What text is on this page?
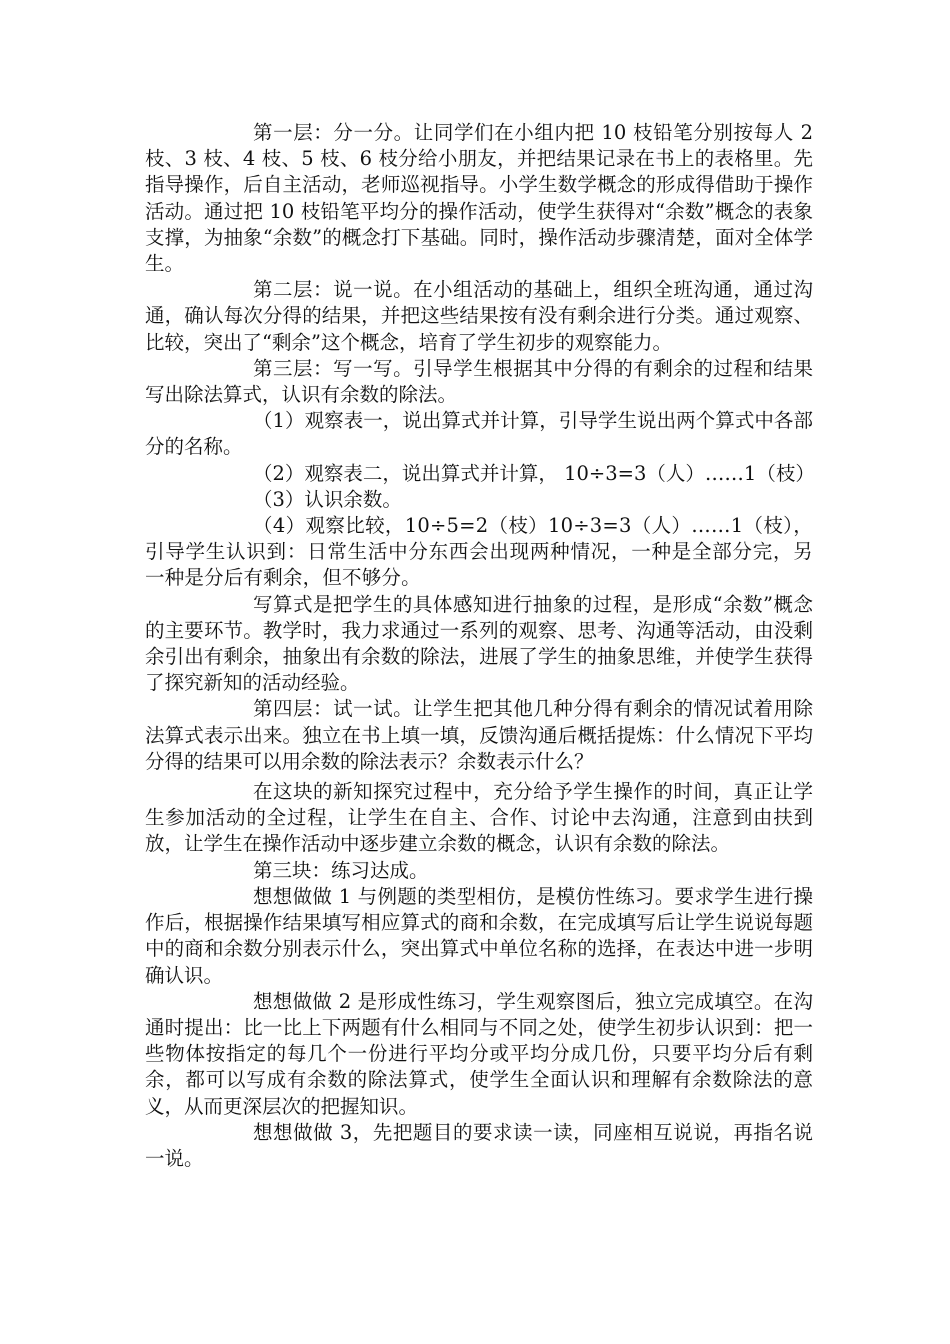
第一层：分一分。让同学们在小组内把 10 枝铅笔分别按每人 2 枝、3 枝、4 枝、5 枝、6 枝分给小朋友，并把结果记录在书上的表格里。先指导操作，后自主活动，老师巡视指导。小学生数学概念的形成得借助于操作活动。通过把 10 枝铅笔平均分的操作活动，使学生获得对“余数”概念的表象支撑，为抽象“余数”的概念打下基础。同时，操作活动步骤清楚，面对全体学生。

第二层：说一说。在小组活动的基础上，组织全班沟通，通过沟通，确认每次分得的结果，并把这些结果按有没有剩余进行分类。通过观察、比较，突出了“剩余”这个概念，培育了学生初步的观察能力。

第三层：写一写。引导学生根据其中分得的有剩余的过程和结果写出除法算式，认识有余数的除法。

（1）观察表一，说出算式并计算，引导学生说出两个算式中各部分的名称。

（2）观察表二，说出算式并计算， 10÷3=3（人）……1（枝）

（3）认识余数。

（4）观察比较，10÷5=2（枝）10÷3=3（人）……1（枝），引导学生认识到：日常生活中分东西会出现两种情况，一种是全部分完，另一种是分后有剩余，但不够分。

写算式是把学生的具体感知进行抽象的过程，是形成“余数”概念的主要环节。教学时，我力求通过一系列的观察、思考、沟通等活动，由没剩余引出有剩余，抽象出有余数的除法，进展了学生的抽象思维，并使学生获得了探究新知的活动经验。

第四层：试一试。让学生把其他几种分得有剩余的情况试着用除法算式表示出来。独立在书上填一填，反馈沟通后概括提炼：什么情况下平均分得的结果可以用余数的除法表示？余数表示什么？

在这块的新知探究过程中，充分给予学生操作的时间，真正让学生参加活动的全过程，让学生在自主、合作、讨论中去沟通，注意到由扶到放，让学生在操作活动中逐步建立余数的概念，认识有余数的除法。

第三块：练习达成。

想想做做 1 与例题的类型相仿，是模仿性练习。要求学生进行操作后，根据操作结果填写相应算式的商和余数，在完成填写后让学生说说每题中的商和余数分别表示什么，突出算式中单位名称的选择，在表达中进一步明确认识。

想想做做 2 是形成性练习，学生观察图后，独立完成填空。在沟通时提出：比一比上下两题有什么相同与不同之处，使学生初步认识到：把一些物体按指定的每几个一份进行平均分或平均分成几份，只要平均分后有剩余，都可以写成有余数的除法算式，使学生全面认识和理解有余数除法的意义，从而更深层次的把握知识。

想想做做 3，先把题目的要求读一读，同座相互说说，再指名说一说。
